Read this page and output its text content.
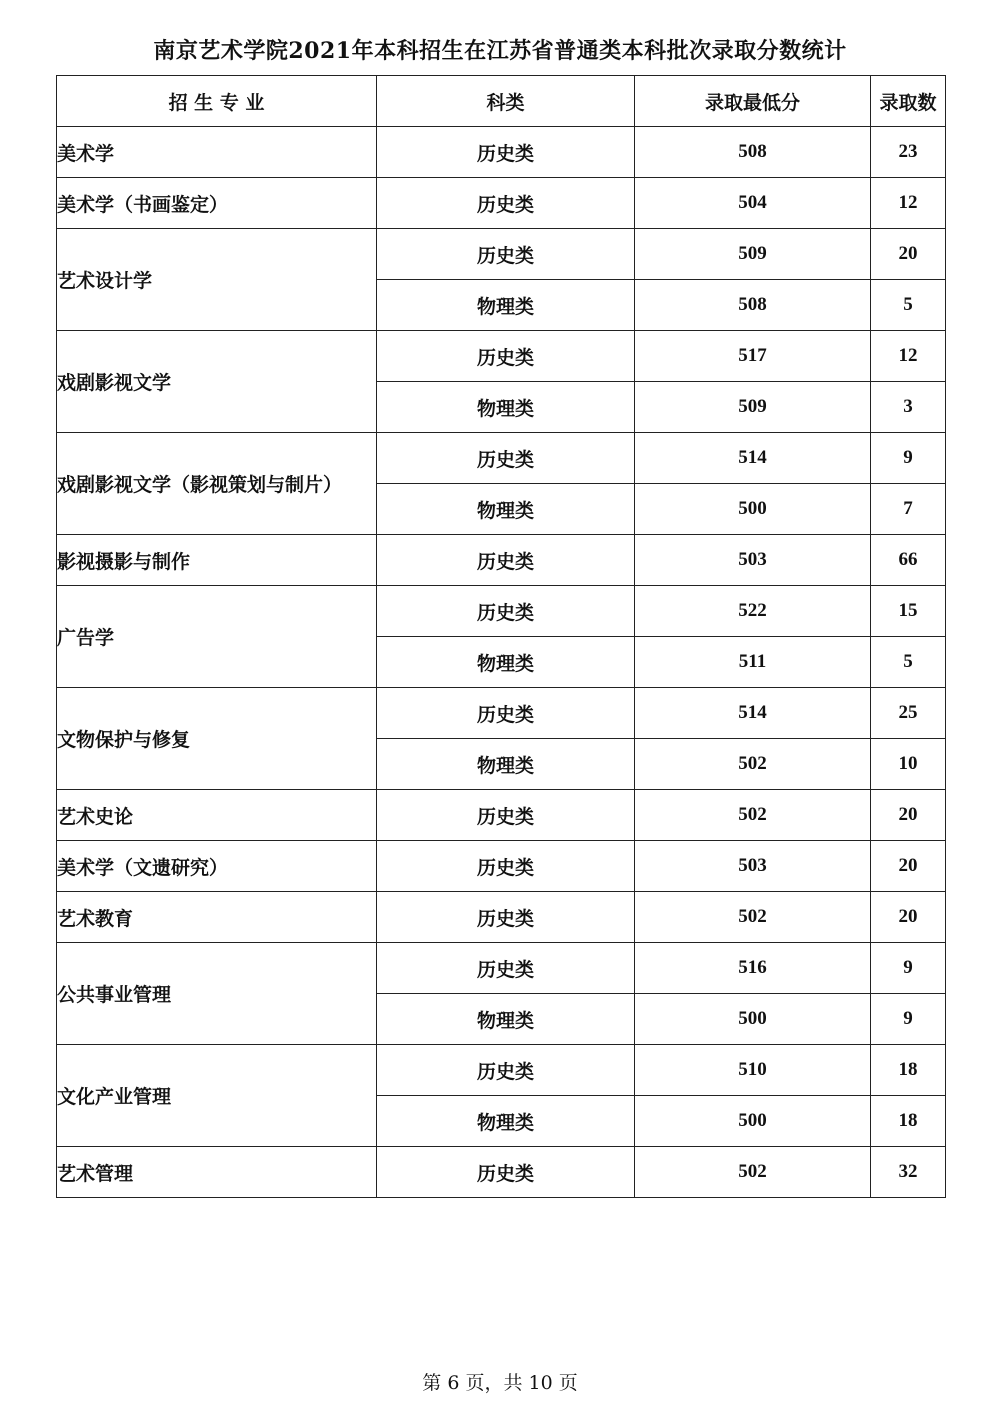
南京艺术学院2021年本科招生在江苏省普通类本科批次录取分数统计
招 生 专 业	科类	录取最低分	录取数
美术学	历史类	508	23
美术学（书画鉴定）	历史类	504	12
艺术设计学	历史类	509	20
	物理类	508	5
戏剧影视文学	历史类	517	12
	物理类	509	3
戏剧影视文学（影视策划与制片）	历史类	514	9
	物理类	500	7
影视摄影与制作	历史类	503	66
广告学	历史类	522	15
	物理类	511	5
文物保护与修复	历史类	514	25
	物理类	502	10
艺术史论	历史类	502	20
美术学（文遗研究）	历史类	503	20
艺术教育	历史类	502	20
公共事业管理	历史类	516	9
	物理类	500	9
文化产业管理	历史类	510	18
	物理类	500	18
艺术管理	历史类	502	32
第 6 页，共 10 页
